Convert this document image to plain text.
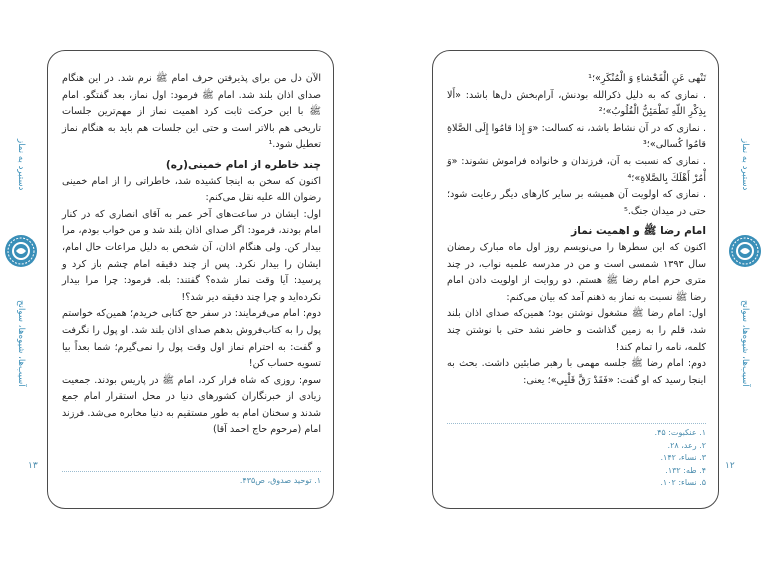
دستبرد به نماز
آسیب‌ها، شیوه‌ها، سوانح
دستبرد به نماز
آسیب‌ها، شیوه‌ها، سوانح

الآن دل من برای پذیرفتن حرف امام ﷺ نرم شد. در این هنگام صدای اذان بلند شد. امام ﷺ فرمود: اول نماز، بعد گفتگو. امام ﷺ با این حرکت ثابت کرد اهمیت نماز از مهم‌ترین جلسات تاریخی هم بالاتر است و حتی این جلسات هم باید به هنگام نماز تعطیل شود.¹

چند خاطره از امام خمینی(ره)

اکنون که سخن به اینجا کشیده شد، خاطراتی را از امام خمینی رضوان الله علیه نقل می‌کنم:

اول: ایشان در ساعت‌های آخر عمر به آقای انصاری که در کنار امام بودند، فرمود: اگر صدای اذان بلند شد و من خواب بودم، مرا بیدار کن. ولی هنگام اذان، آن شخص به دلیل مراعات حال امام، ایشان را بیدار نکرد. پس از چند دقیقه امام چشم باز کرد و پرسید: آیا وقت نماز شده؟ گفتند: بله. فرمود: چرا مرا بیدار نکرده‌اید و چرا چند دقیقه دیر شد؟!

دوم: امام می‌فرمایند: در سفر حج کتابی خریدم؛ همین‌که خواستم پول را به کتاب‌فروش بدهم صدای اذان بلند شد. او پول را نگرفت و گفت: به احترام نماز اول وقت پول را نمی‌گیرم؛ شما بعداً بیا تسویه حساب کن!

سوم: روزی که شاه فرار کرد، امام ﷺ در پاریس بودند. جمعیت زیادی از خبرنگاران کشورهای دنیا در محل استقرار امام جمع شدند و سخنان امام به طور مستقیم به دنیا مخابره می‌شد. فرزند امام (مرحوم حاج احمد آقا)

۱. توحید صدوق، ص۴۳۵.

۱۳

تَنْهى عَنِ الْفَحْشاءِ وَ الْمُنْكَرِ»؛¹

. نمازی که به دلیل ذکرالله بودنش، آرام‌بخش دل‌ها باشد: «أَلا بِذِكْرِ اللّهِ تَطْمَئِنُّ الْقُلُوبُ»؛²

. نمازی که در آن نشاط باشد، نه کسالت: «وَ إِذا قامُوا إِلَى الصَّلاةِ قامُوا كُسالى»؛³

. نمازی که نسبت به آن، فرزندان و خانواده فراموش نشوند: «وَ أْمُرْ أَهْلَكَ بِالصَّلاةِ»؛⁴

. نمازی که اولویت آن همیشه بر سایر کارهای دیگر رعایت شود؛ حتی در میدان جنگ.⁵

امام رضا ﷺ و اهمیت نماز

اکنون که این سطرها را می‌نویسم روز اول ماه مبارک رمضان سال ۱۳۹۳ شمسی است و من در مدرسه علمیه نواب، در چند متری حرم امام رضا ﷺ هستم. دو روایت از اولویت دادن امام رضا ﷺ نسبت به نماز به ذهنم آمد که بیان می‌کنم:

اول: امام رضا ﷺ مشغول نوشتن بود؛ همین‌که صدای اذان بلند شد، قلم را به زمین گذاشت و حاضر نشد حتی با نوشتن چند کلمه، نامه را تمام کند!

دوم: امام رضا ﷺ جلسه مهمی با رهبر صابئین داشت. بحث به اینجا رسید که او گفت: «فَقَدْ رَقَّ قَلْبِي»؛ یعنی:

۱. عنکبوت: ۴۵.

۲. رعد، ۲۸.

۳. نساء، ۱۴۲.

۴. طه: ۱۳۲.

۵. نساء: ۱۰۲.

۱۲
